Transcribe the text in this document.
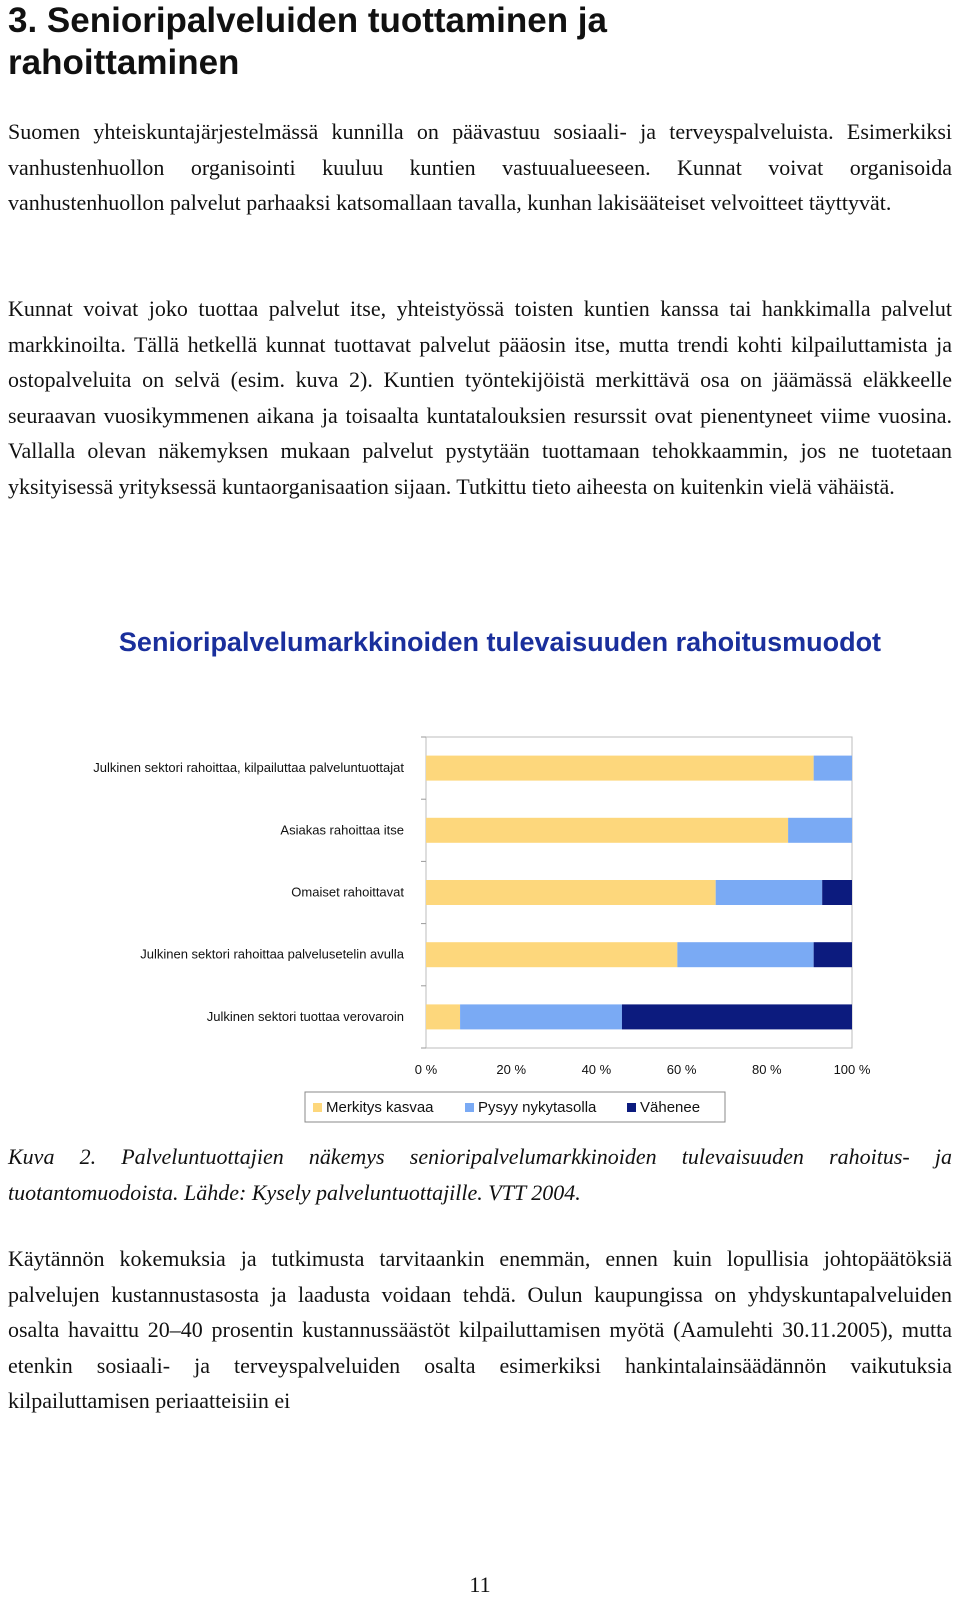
3. Senioripalveluiden tuottaminen ja rahoittaminen

Suomen yhteiskuntajärjestelmässä kunnilla on päävastuu sosiaali- ja terveyspalveluista. Esimerkiksi vanhustenhuollon organisointi kuuluu kuntien vastuualueeseen. Kunnat voivat organisoida vanhustenhuollon palvelut parhaaksi katsomallaan tavalla, kunhan lakisääteiset velvoitteet täyttyvät.

Kunnat voivat joko tuottaa palvelut itse, yhteistyössä toisten kuntien kanssa tai hankkimalla palvelut markkinoilta. Tällä hetkellä kunnat tuottavat palvelut pääosin itse, mutta trendi kohti kilpailuttamista ja ostopalveluita on selvä (esim. kuva 2). Kuntien työntekijöistä merkittävä osa on jäämässä eläkkeelle seuraavan vuosikymmenen aikana ja toisaalta kuntatalouksien resurssit ovat pienentyneet viime vuosina. Vallalla olevan näkemyksen mukaan palvelut pystytään tuottamaan tehokkaammin, jos ne tuotetaan yksityisessä yrityksessä kuntaorganisaation sijaan. Tutkittu tieto aiheesta on kuitenkin vielä vähäistä.

Senioripalvelumarkkinoiden tulevaisuuden rahoitusmuodot
Julkinen sektori rahoittaa, kilpailuttaa palveluntuottajat
Asiakas rahoittaa itse
Omaiset rahoittavat
Julkinen sektori rahoittaa palvelusetelin avulla
Julkinen sektori tuottaa verovaroin
0 %	20 %	40 %	60 %	80 %	100 %
Merkitys kasvaa	Pysyy nykytasolla	Vähenee

Kuva 2. Palveluntuottajien näkemys senioripalvelumarkkinoiden tulevaisuuden rahoitus- ja tuotantomuodoista. Lähde: Kysely palveluntuottajille. VTT 2004.

Käytännön kokemuksia ja tutkimusta tarvitaankin enemmän, ennen kuin lopullisia johtopäätöksiä palvelujen kustannustasosta ja laadusta voidaan tehdä. Oulun kaupungissa on yhdyskuntapalveluiden osalta havaittu 20–40 prosentin kustannussäästöt kilpailuttamisen myötä (Aamulehti 30.11.2005), mutta etenkin sosiaali- ja terveyspalveluiden osalta esimerkiksi hankintalainsäädännön vaikutuksia kilpailuttamisen periaatteisiin ei

11
